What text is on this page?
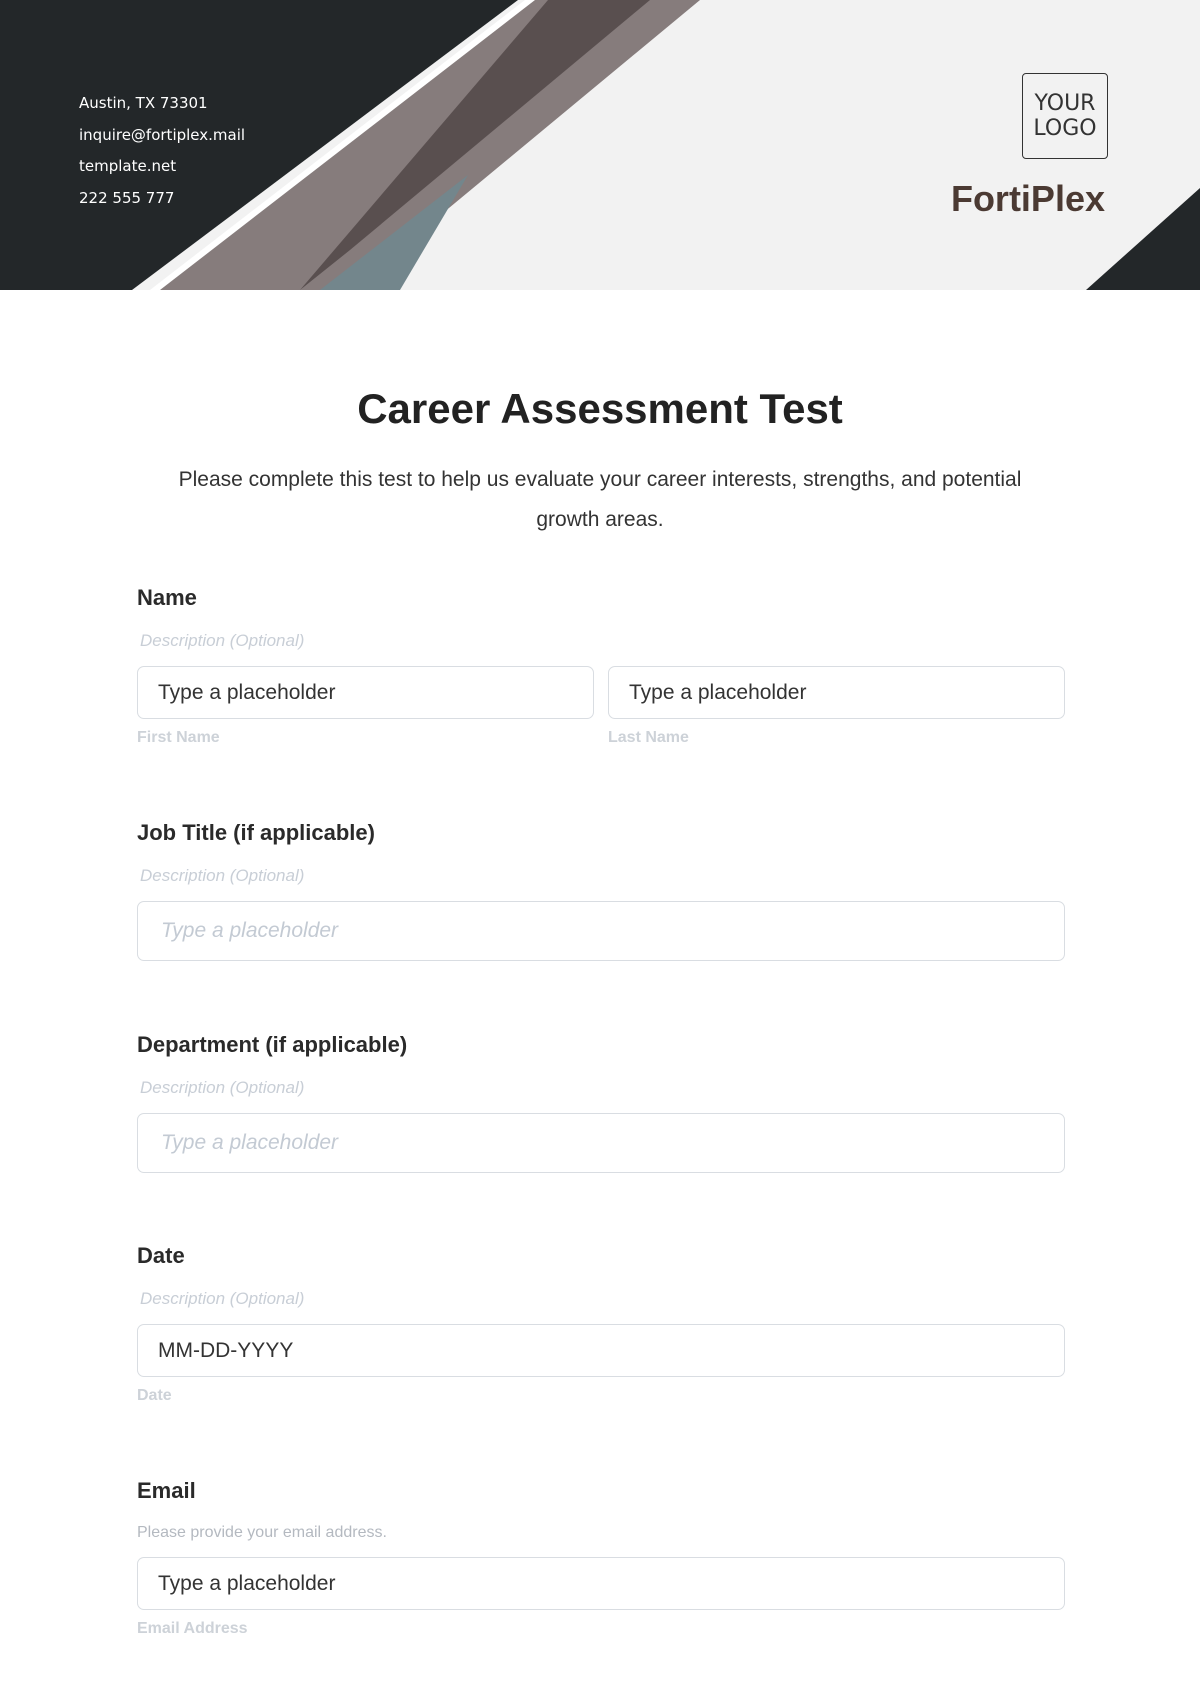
Austin, TX 73301
inquire@fortiplex.mail
template.net
222 555 777
YOUR
LOGO
FortiPlex
Career Assessment Test
Please complete this test to help us evaluate your career interests, strengths, and potential growth areas.
Name
Description (Optional)
Type a placeholder
First Name
Type a placeholder
Last Name
Job Title (if applicable)
Description (Optional)
Type a placeholder
Department (if applicable)
Description (Optional)
Type a placeholder
Date
Description (Optional)
MM-DD-YYYY
Date
Email
Please provide your email address.
Type a placeholder
Email Address
